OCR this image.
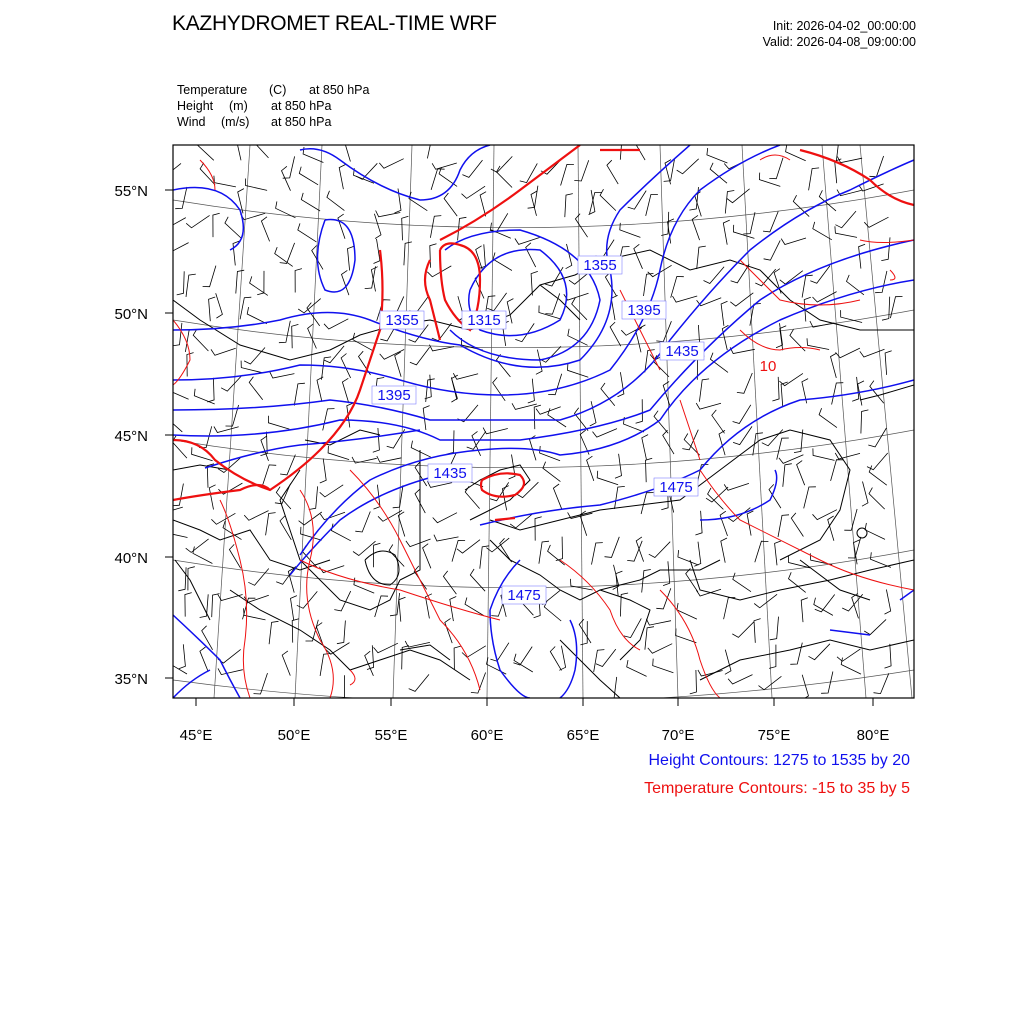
KAZHYDROMET REAL-TIME WRF	Init: 2026-04-02_00:00:00
Valid: 2026-04-08_09:00:00
Temperature (C) at 850 hPa
Height (m) at 850 hPa
Wind (m/s) at 850 hPa
1355
1355	1315
1395
1395
1435
1435
1475
1475
10
55°N
50°N
45°N
40°N
35°N
45°E	50°E	55°E	60°E	65°E	70°E	75°E	80°E
Height Contours: 1275 to 1535 by 20
Temperature Contours: -15 to 35 by 5
